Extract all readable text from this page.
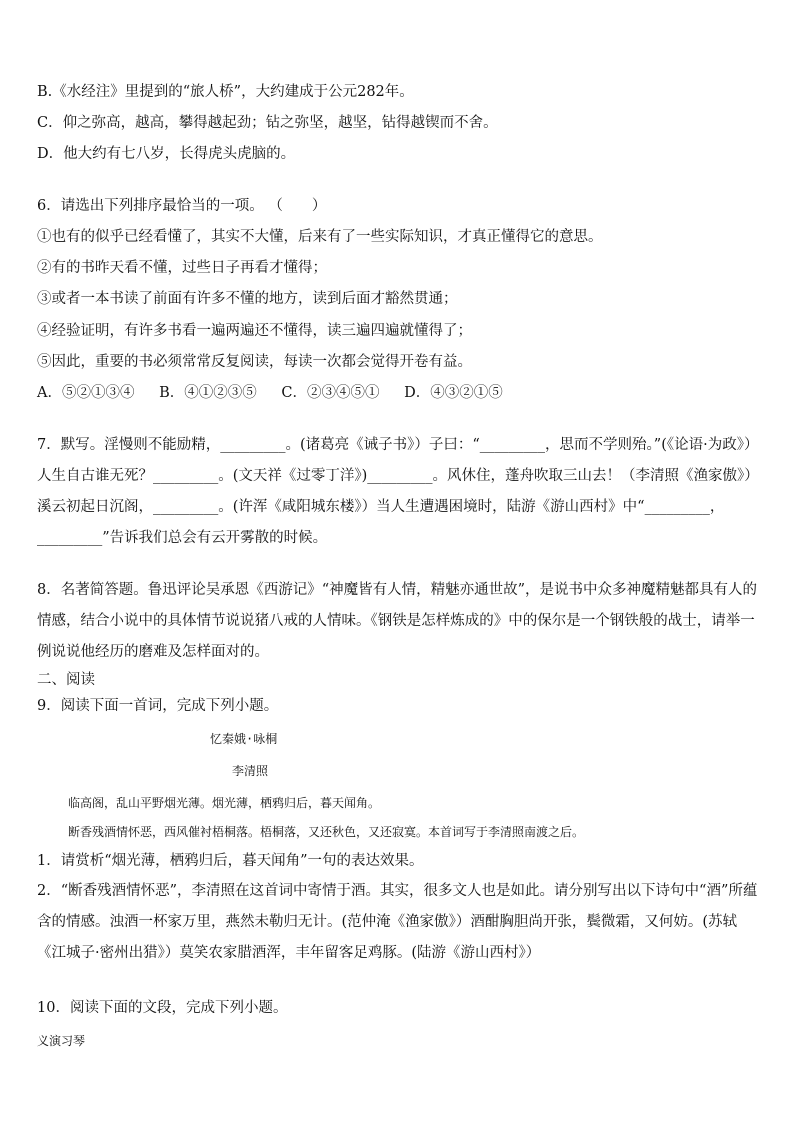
B.《水经注》里提到的“旅人桥”，大约建成于公元282年。
C．仰之弥高，越高，攀得越起劲；钻之弥坚，越坚，钻得越锲而不舍。
D．他大约有七八岁，长得虎头虎脑的。
6．请选出下列排序最恰当的一项。 （　　）
①也有的似乎已经看懂了，其实不大懂，后来有了一些实际知识，才真正懂得它的意思。
②有的书昨天看不懂，过些日子再看才懂得；
③或者一本书读了前面有许多不懂的地方，读到后面才豁然贯通；
④经验证明，有许多书看一遍两遍还不懂得，读三遍四遍就懂得了；
⑤因此，重要的书必须常常反复阅读，每读一次都会觉得开卷有益。
A．⑤②①③④ B．④①②③⑤ C．②③④⑤① D．④③②①⑤
7．默写。淫慢则不能励精，_________。(诸葛亮《诫子书》）子曰：“_________，思而不学则殆。”(《论语·为政》）人生自古谁无死？_________。(文天祥《过零丁洋》)_________。风休住，蓬舟吹取三山去！（李清照《渔家傲》）溪云初起日沉阁，_________。(许浑《咸阳城东楼》）当人生遭遇困境时，陆游《游山西村》中“_________，_________”告诉我们总会有云开雾散的时候。
8．名著简答题。鲁迅评论吴承恩《西游记》“神魔皆有人情，精魅亦通世故”，是说书中众多神魔精魅都具有人的情感，结合小说中的具体情节说说猪八戒的人情味。《钢铁是怎样炼成的》中的保尔是一个钢铁般的战士，请举一例说说他经历的磨难及怎样面对的。
二、阅读
9．阅读下面一首词，完成下列小题。
忆秦娥·咏桐
李清照
临高阁，乱山平野烟光薄。烟光薄，栖鸦归后，暮天闻角。
断香残酒情怀恶，西风催衬梧桐落。梧桐落，又还秋色，又还寂寞。本首词写于李清照南渡之后。
1．请赏析“烟光薄，栖鸦归后，暮天闻角”一句的表达效果。
2．“断香残酒情怀恶”，李清照在这首词中寄情于酒。其实，很多文人也是如此。请分别写出以下诗句中“酒”所蕴含的情感。浊酒一杯家万里，燕然未勒归无计。(范仲淹《渔家傲》）酒酣胸胆尚开张，鬓微霜，又何妨。(苏轼《江城子·密州出猎》）莫笑农家腊酒浑，丰年留客足鸡豚。(陆游《游山西村》）
10．阅读下面的文段，完成下列小题。
义演习琴
